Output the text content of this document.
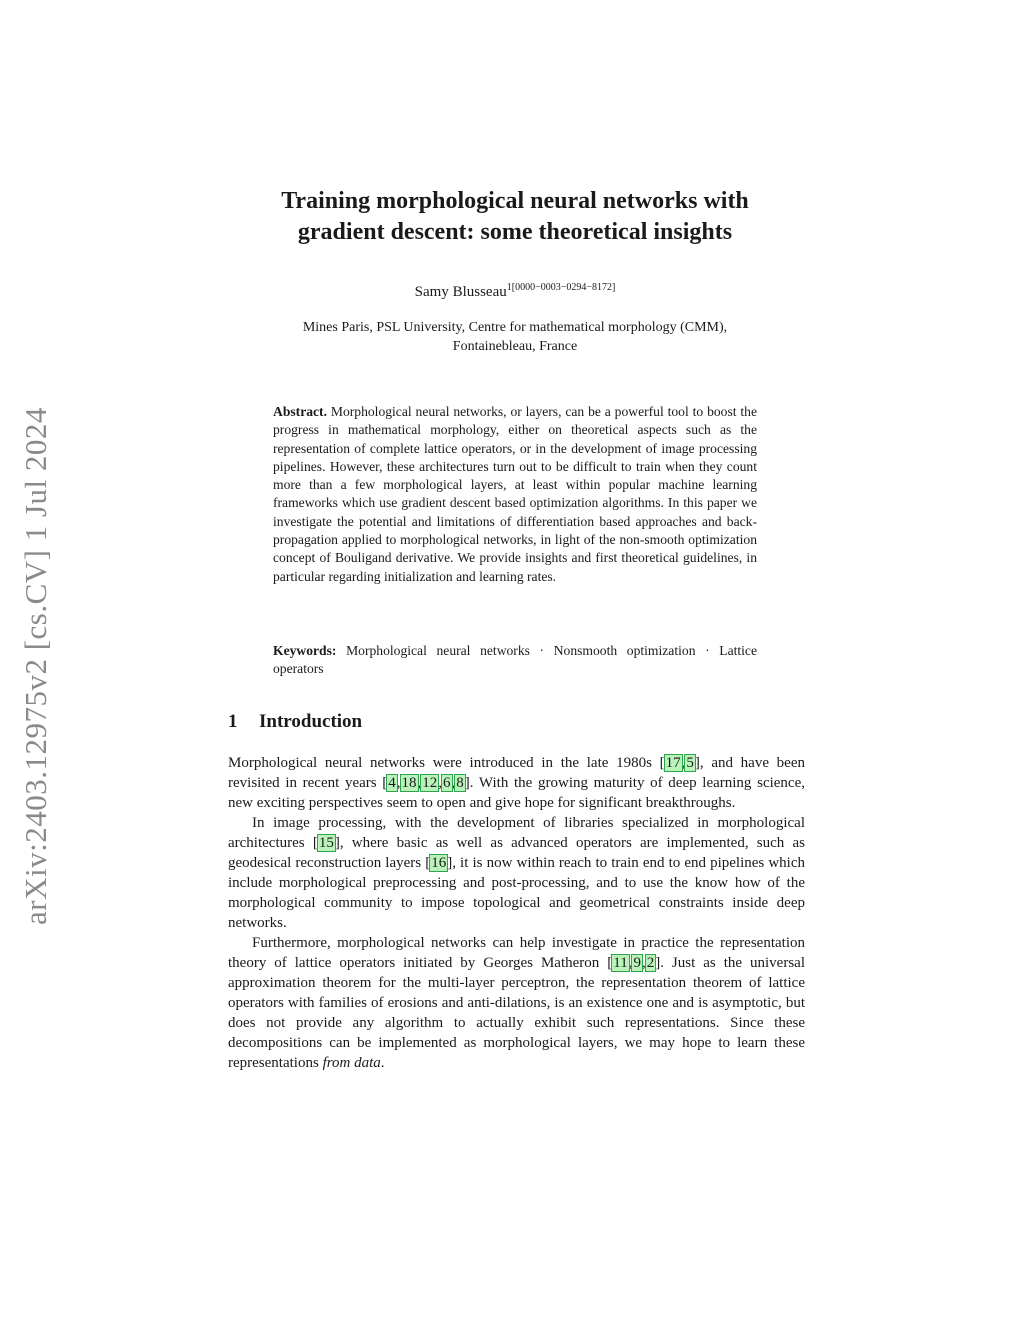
arXiv:2403.12975v2 [cs.CV] 1 Jul 2024
Training morphological neural networks with
gradient descent: some theoretical insights
Samy Blusseau$^{1[0000-0003-0294-8172]}$
Mines Paris, PSL University, Centre for mathematical morphology (CMM),
Fontainebleau, France
Abstract. Morphological neural networks, or layers, can be a powerful tool to boost the progress in mathematical morphology, either on theoretical aspects such as the representation of complete lattice operators, or in the development of image processing pipelines. However, these architectures turn out to be difficult to train when they count more than a few morphological layers, at least within popular machine learning frameworks which use gradient descent based optimization algorithms. In this paper we investigate the potential and limitations of differentiation based approaches and back-propagation applied to morphological networks, in light of the non-smooth optimization concept of Bouligand derivative. We provide insights and first theoretical guidelines, in particular regarding initialization and learning rates.
Keywords: Morphological neural networks · Nonsmooth optimization · Lattice operators
1 Introduction

Morphological neural networks were introduced in the late 1980s [17,5], and have been revisited in recent years [4,18,12,6,8]. With the growing maturity of deep learning science, new exciting perspectives seem to open and give hope for significant breakthroughs.

In image processing, with the development of libraries specialized in morphological architectures [15], where basic as well as advanced operators are implemented, such as geodesical reconstruction layers [16], it is now within reach to train end to end pipelines which include morphological preprocessing and post-processing, and to use the know how of the morphological community to impose topological and geometrical constraints inside deep networks.

Furthermore, morphological networks can help investigate in practice the representation theory of lattice operators initiated by Georges Matheron [11,9,2]. Just as the universal approximation theorem for the multi-layer perceptron, the representation theorem of lattice operators with families of erosions and anti-dilations, is an existence one and is asymptotic, but does not provide any algorithm to actually exhibit such representations. Since these decompositions can be implemented as morphological layers, we may hope to learn these representations from data.
